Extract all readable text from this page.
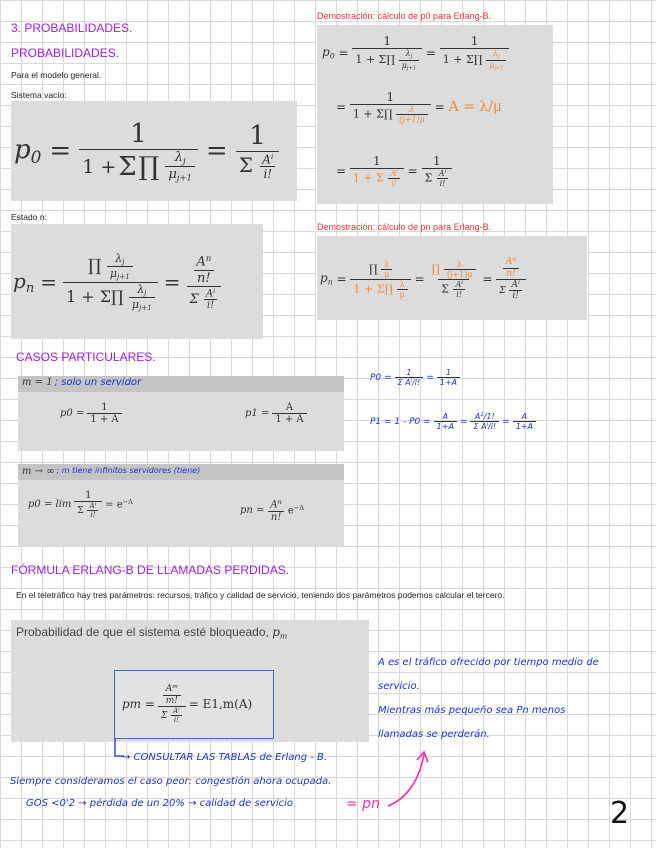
3. PROBABILIDADES.
PROBABILIDADES.
Para el modelo general.
Sistema vacío:
$p_0 = 1$
1 + Σ ∏
$\frac{\lambda_j}{\mu_{j+1}} = \frac{1}{\Sigma \frac{A^i}{i!}}$
Estado n:
$p_n = \frac{\prod \frac{\lambda_j}{\mu_{j+1}}}{1 + \Sigma\prod \frac{\lambda_j}{\mu_{j+1}}} = \frac{\frac{A^n}{n!}}{\Sigma \frac{A^i}{i!}}$
Demostración: cálculo de p0 para Erlang-B.
$p_0 = \frac{1}{1 + \Sigma\prod \frac{\lambda_j}{\mu_{j+1}}} = \frac{1}{1 + \Sigma\prod \frac{\lambda_j}{\mu_{j+1}}}$
= $\frac{1}{1 + \Sigma\prod \frac{\lambda}{(j+1)\mu}} = A = \lambda/\mu$
= $\frac{1}{1 + \Sigma \frac{A^i}{i!}} = \frac{1}{\Sigma \frac{A^i}{i!}}$
Demostración: cálculo de pn para Erlang-B.
$p_n = \frac{\prod \frac{\lambda}{\mu}}{1 + \Sigma\prod \frac{\lambda}{\mu}} = \frac{\prod \frac{\lambda}{(j+1)\mu}}{\Sigma \frac{A^i}{i!}} = \frac{\frac{A^n}{n!}}{\Sigma \frac{A^i}{i!}}$
CASOS PARTICULARES.
m = 1 ; solo un servidor
$p0 = \frac{1}{1 + A}$	$p1 = \frac{A}{1 + A}$
m → ∞ ; m tiene infinitos servidores (tiene)
$p0 = \lim \frac{1}{\Sigma \frac{A^i}{i!}} = e^{-A}$
pn = $\frac{A^n}{n!} e^{-A}$
$P0 = \frac{1}{\Sigma A^i/i!} = \frac{1}{1+A}$
$P1 = 1 - P0 = \frac{A}{1+A} = \frac{A^1/1!}{\Sigma A^i/i!} = \frac{A}{1+A}$
FÓRMULA ERLANG-B DE LLAMADAS PERDIDAS.
En el teletráfico hay tres parámetros: recursos, tráfico y calidad de servicio, teniendo dos parámetros podemos calcular el tercero.
Probabilidad de que el sistema esté bloqueado, $p_m$
pm = $\frac{\frac{A^m}{m!}}{\Sigma \frac{A^i}{i!}} = E1,m(A)$
→ CONSULTAR LAS TABLAS de Erlang - B.
A es el tráfico ofrecido por tiempo medio de
servicio.
Mientras más pequeño sea Pn menos
llamadas se perderán.
Siempre consideramos el caso peor: congestión ahora ocupada.
GOS <0'2 → pérdida de un 20% → calidad de servicio	= pn	2
